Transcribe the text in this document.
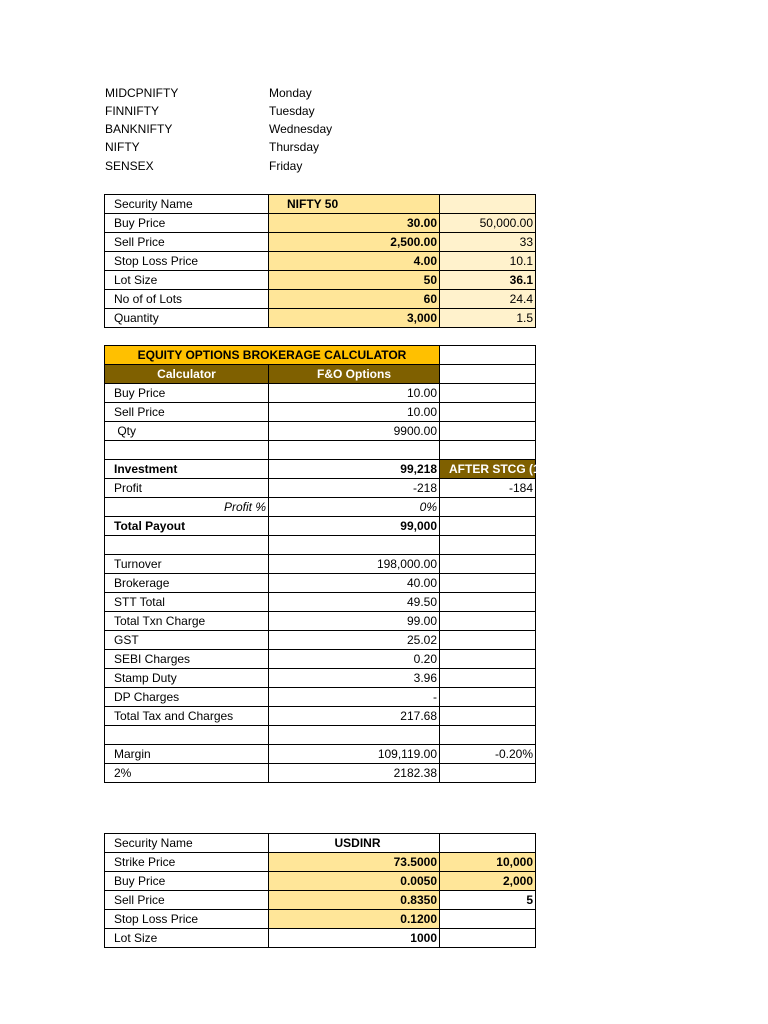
MIDCPNIFTY	Monday
FINNIFTY	Tuesday
BANKNIFTY	Wednesday
NIFTY	Thursday
SENSEX	Friday
Security Name	NIFTY 50	
Buy Price	30.00	50,000.00
Sell Price	2,500.00	33
Stop Loss Price	4.00	10.1
Lot Size	50	36.1
No of of Lots	60	24.4
Quantity	3,000	1.5
EQUITY OPTIONS BROKERAGE CALCULATOR		
Calculator	F&O Options	
Buy Price	10.00	
Sell Price	10.00	
Qty	9900.00	

Investment	99,218	AFTER STCG (15
Profit	-218	-184
Profit %	0%	
Total Payout	99,000	

Turnover	198,000.00	
Brokerage	40.00	
STT Total	49.50	
Total Txn Charge	99.00	
GST	25.02	
SEBI Charges	0.20	
Stamp Duty	3.96	
DP Charges	-	
Total Tax and Charges	217.68	

Margin	109,119.00	-0.20%
2%	2182.38	
Security Name	USDINR	
Strike Price	73.5000	10,000
Buy Price	0.0050	2,000
Sell Price	0.8350	5
Stop Loss Price	0.1200	
Lot Size	1000	
